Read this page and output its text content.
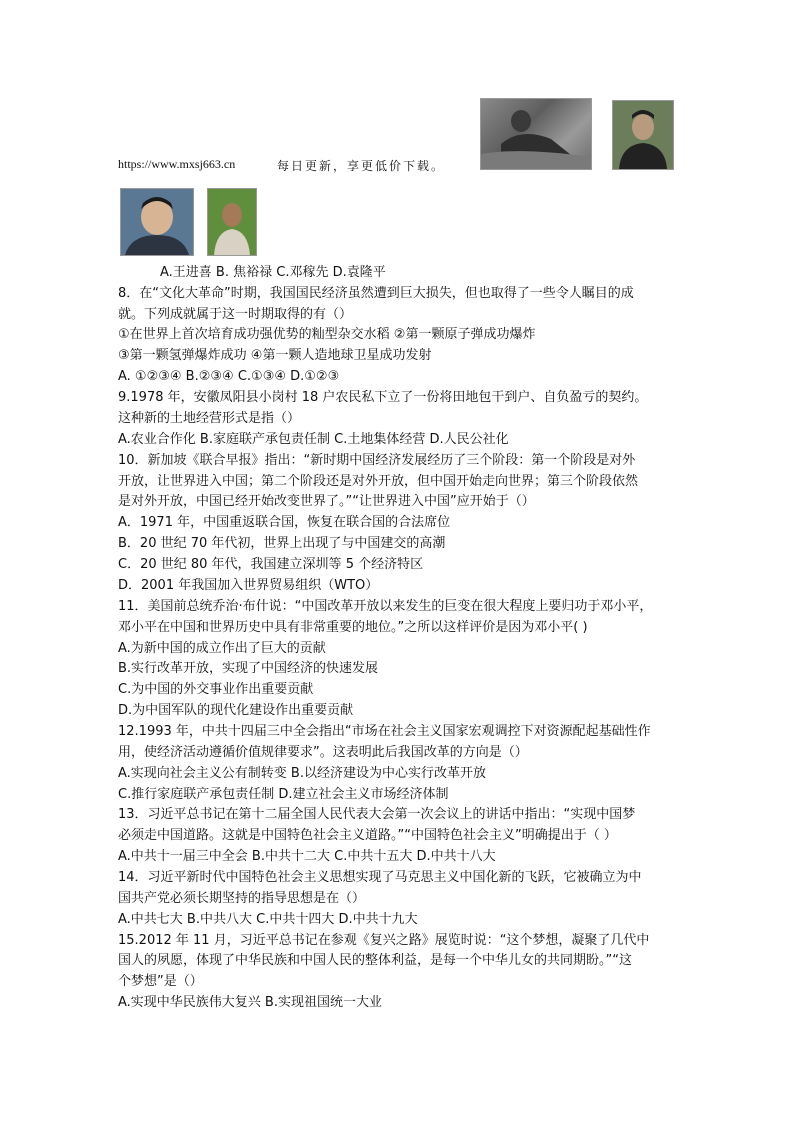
https://www.mxsj663.cn	每日更新，享更低价下载。
A.王进喜 B. 焦裕禄 C.邓稼先 D.袁隆平
8．在“文化大革命”时期，我国国民经济虽然遭到巨大损失，但也取得了一些令人瞩目的成
就。下列成就属于这一时期取得的有（）
①在世界上首次培育成功强优势的籼型杂交水稻 ②第一颗原子弹成功爆炸
③第一颗氢弹爆炸成功 ④第一颗人造地球卫星成功发射
A. ①②③④ B.②③④ C.①③④ D.①②③
9.1978 年，安徽凤阳县小岗村 18 户农民私下立了一份将田地包干到户、自负盈亏的契约。
这种新的土地经营形式是指（）
A.农业合作化 B.家庭联产承包责任制 C.土地集体经营 D.人民公社化
10．新加坡《联合早报》指出：“新时期中国经济发展经历了三个阶段：第一个阶段是对外
开放，让世界进入中国；第二个阶段还是对外开放，但中国开始走向世界；第三个阶段依然
是对外开放，中国已经开始改变世界了。”“让世界进入中国”应开始于（）
A．1971 年，中国重返联合国，恢复在联合国的合法席位
B．20 世纪 70 年代初，世界上出现了与中国建交的高潮
C．20 世纪 80 年代，我国建立深圳等 5 个经济特区
D．2001 年我国加入世界贸易组织（WTO）
11．美国前总统乔治·布什说：“中国改革开放以来发生的巨变在很大程度上要归功于邓小平，
邓小平在中国和世界历史中具有非常重要的地位。”之所以这样评价是因为邓小平( )
A.为新中国的成立作出了巨大的贡献
B.实行改革开放，实现了中国经济的快速发展
C.为中国的外交事业作出重要贡献
D.为中国军队的现代化建设作出重要贡献
12.1993 年，中共十四届三中全会指出“市场在社会主义国家宏观调控下对资源配起基础性作
用，使经济活动遵循价值规律要求”。这表明此后我国改革的方向是（）
A.实现向社会主义公有制转变 B.以经济建设为中心实行改革开放
C.推行家庭联产承包责任制 D.建立社会主义市场经济体制
13．习近平总书记在第十二届全国人民代表大会第一次会议上的讲话中指出：“实现中国梦
必须走中国道路。这就是中国特色社会主义道路。”“中国特色社会主义”明确提出于（ ）
A.中共十一届三中全会 B.中共十二大 C.中共十五大 D.中共十八大
14．习近平新时代中国特色社会主义思想实现了马克思主义中国化新的飞跃，它被确立为中
国共产党必须长期坚持的指导思想是在（）
A.中共七大 B.中共八大 C.中共十四大 D.中共十九大
15.2012 年 11 月，习近平总书记在参观《复兴之路》展览时说：“这个梦想，凝聚了几代中
国人的夙愿，体现了中华民族和中国人民的整体利益，是每一个中华儿女的共同期盼。”“这
个梦想”是（）
A.实现中华民族伟大复兴 B.实现祖国统一大业
